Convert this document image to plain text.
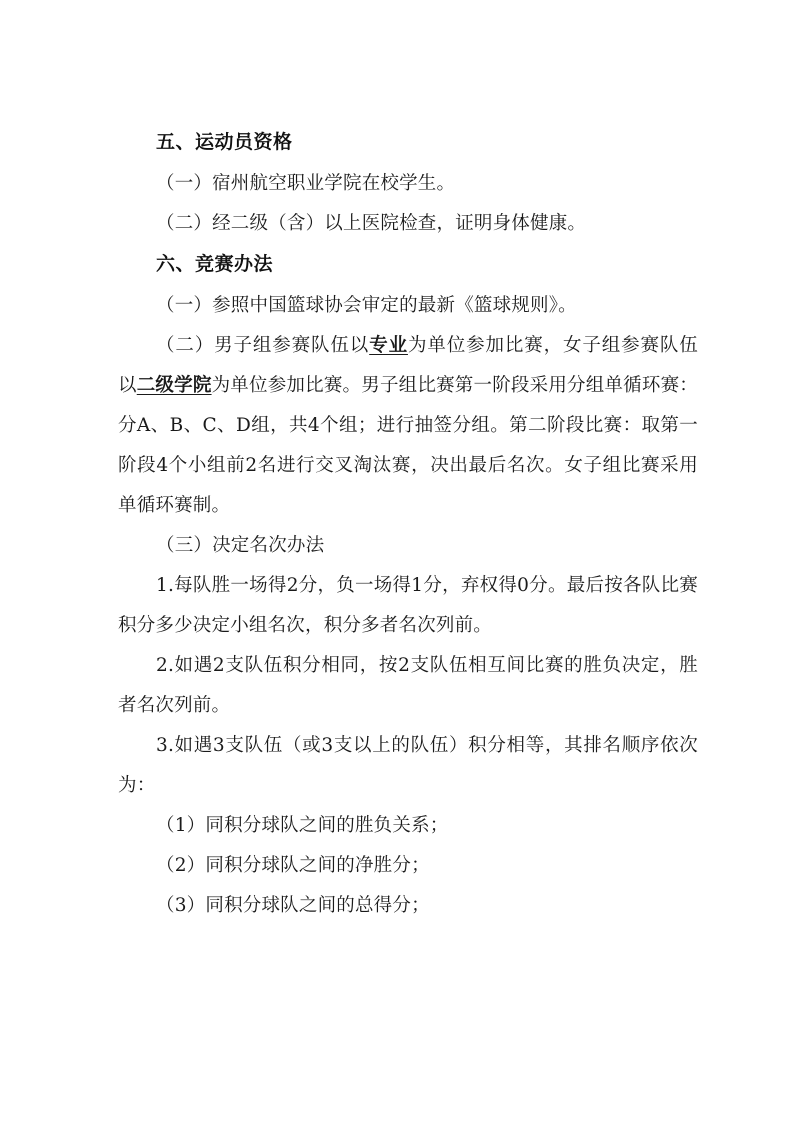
五、运动员资格

（一）宿州航空职业学院在校学生。

（二）经二级（含）以上医院检查，证明身体健康。

六、竞赛办法

（一）参照中国篮球协会审定的最新《篮球规则》。

（二）男子组参赛队伍以专业为单位参加比赛，女子组参赛队伍以二级学院为单位参加比赛。男子组比赛第一阶段采用分组单循环赛：分A、B、C、D组，共4个组；进行抽签分组。第二阶段比赛：取第一阶段4个小组前2名进行交叉淘汰赛，决出最后名次。女子组比赛采用单循环赛制。

（三）决定名次办法

1.每队胜一场得2分，负一场得1分，弃权得0分。最后按各队比赛积分多少决定小组名次，积分多者名次列前。

2.如遇2支队伍积分相同，按2支队伍相互间比赛的胜负决定，胜者名次列前。

3.如遇3支队伍（或3支以上的队伍）积分相等，其排名顺序依次为：

（1）同积分球队之间的胜负关系；

（2）同积分球队之间的净胜分；

（3）同积分球队之间的总得分；
